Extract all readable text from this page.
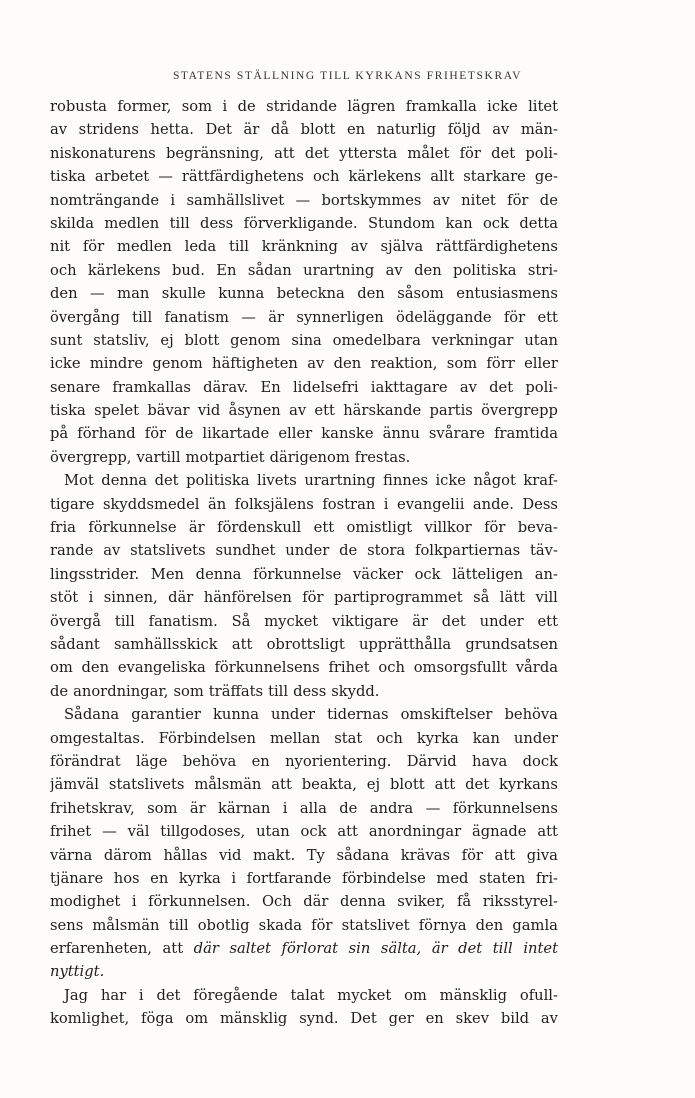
STATENS STÄLLNING TILL KYRKANS FRIHETSKRAV
robusta former, som i de stridande lägren framkalla icke litet
av stridens hetta. Det är då blott en naturlig följd av män-
niskonaturens begränsning, att det yttersta målet för det poli-
tiska arbetet — rättfärdighetens och kärlekens allt starkare ge-
nomträngande i samhällslivet — bortskymmes av nitet för de
skilda medlen till dess förverkligande. Stundom kan ock detta
nit för medlen leda till kränkning av själva rättfärdighetens
och kärlekens bud. En sådan urartning av den politiska stri-
den — man skulle kunna beteckna den såsom entusiasmens
övergång till fanatism — är synnerligen ödeläggande för ett
sunt statsliv, ej blott genom sina omedelbara verkningar utan
icke mindre genom häftigheten av den reaktion, som förr eller
senare framkallas därav. En lidelsefri iakttagare av det poli-
tiska spelet bävar vid åsynen av ett härskande partis övergrepp
på förhand för de likartade eller kanske ännu svårare framtida
övergrepp, vartill motpartiet därigenom frestas.
Mot denna det politiska livets urartning finnes icke något kraf-
tigare skyddsmedel än folksjälens fostran i evangelii ande. Dess
fria förkunnelse är fördenskull ett omistligt villkor för beva-
rande av statslivets sundhet under de stora folkpartiernas täv-
lingsstrider. Men denna förkunnelse väcker ock lätteligen an-
stöt i sinnen, där hänförelsen för partiprogrammet så lätt vill
övergå till fanatism. Så mycket viktigare är det under ett
sådant samhällsskick att obrottsligt upprätthålla grundsatsen
om den evangeliska förkunnelsens frihet och omsorgsfullt vårda
de anordningar, som träffats till dess skydd.
Sådana garantier kunna under tidernas omskiftelser behöva
omgestaltas. Förbindelsen mellan stat och kyrka kan under
förändrat läge behöva en nyorientering. Därvid hava dock
jämväl statslivets målsmän att beakta, ej blott att det kyrkans
frihetskrav, som är kärnan i alla de andra — förkunnelsens
frihet — väl tillgodoses, utan ock att anordningar ägnade att
värna därom hållas vid makt. Ty sådana krävas för att giva
tjänare hos en kyrka i fortfarande förbindelse med staten fri-
modighet i förkunnelsen. Och där denna sviker, få riksstyrel-
sens målsmän till obotlig skada för statslivet förnya den gamla
erfarenheten, att där saltet förlorat sin sälta, är det till intet
nyttigt.
Jag har i det föregående talat mycket om mänsklig ofull-
komlighet, föga om mänsklig synd. Det ger en skev bild av
